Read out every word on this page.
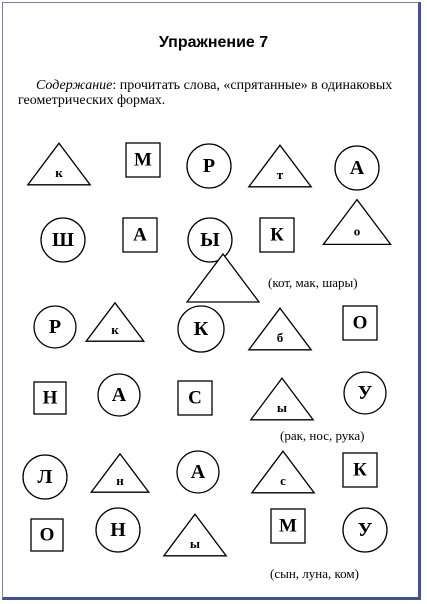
Упражнение 7
Содержание: прочитать слова, «спрятанные» в одинаковых геометрических формах.
к
М	Р	т	А
Ш	А	Ы	К	о
Р	к	К	б
О
Н	А	С	ы
У
Л	н	А	с	К
О	Н
ы
М	У
(кот, мак, шары)
(рак, нос, рука)
(сын, луна, ком)
